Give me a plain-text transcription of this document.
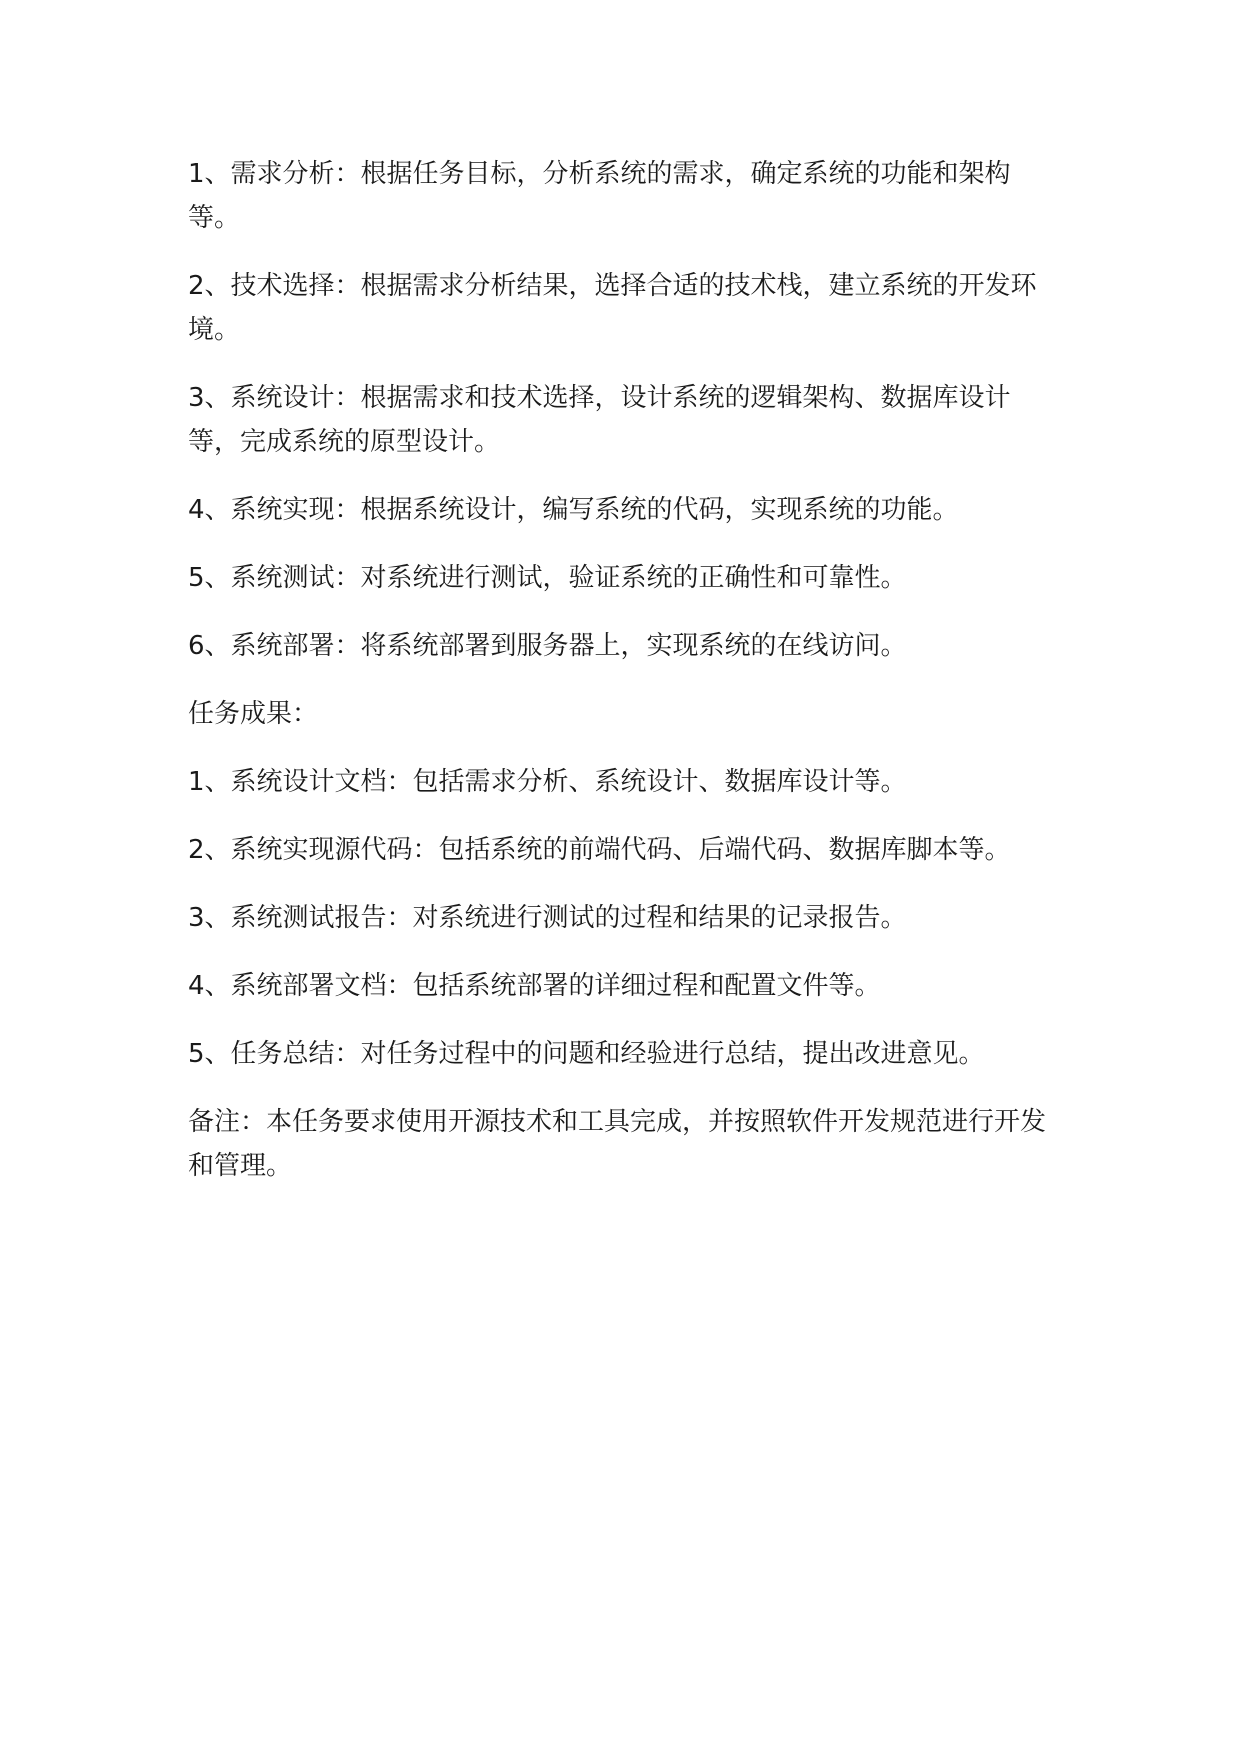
1、需求分析：根据任务目标，分析系统的需求，确定系统的功能和架构等。

2、技术选择：根据需求分析结果，选择合适的技术栈，建立系统的开发环境。

3、系统设计：根据需求和技术选择，设计系统的逻辑架构、数据库设计等，完成系统的原型设计。

4、系统实现：根据系统设计，编写系统的代码，实现系统的功能。

5、系统测试：对系统进行测试，验证系统的正确性和可靠性。

6、系统部署：将系统部署到服务器上，实现系统的在线访问。

任务成果：

1、系统设计文档：包括需求分析、系统设计、数据库设计等。

2、系统实现源代码：包括系统的前端代码、后端代码、数据库脚本等。

3、系统测试报告：对系统进行测试的过程和结果的记录报告。

4、系统部署文档：包括系统部署的详细过程和配置文件等。

5、任务总结：对任务过程中的问题和经验进行总结，提出改进意见。

备注：本任务要求使用开源技术和工具完成，并按照软件开发规范进行开发和管理。
